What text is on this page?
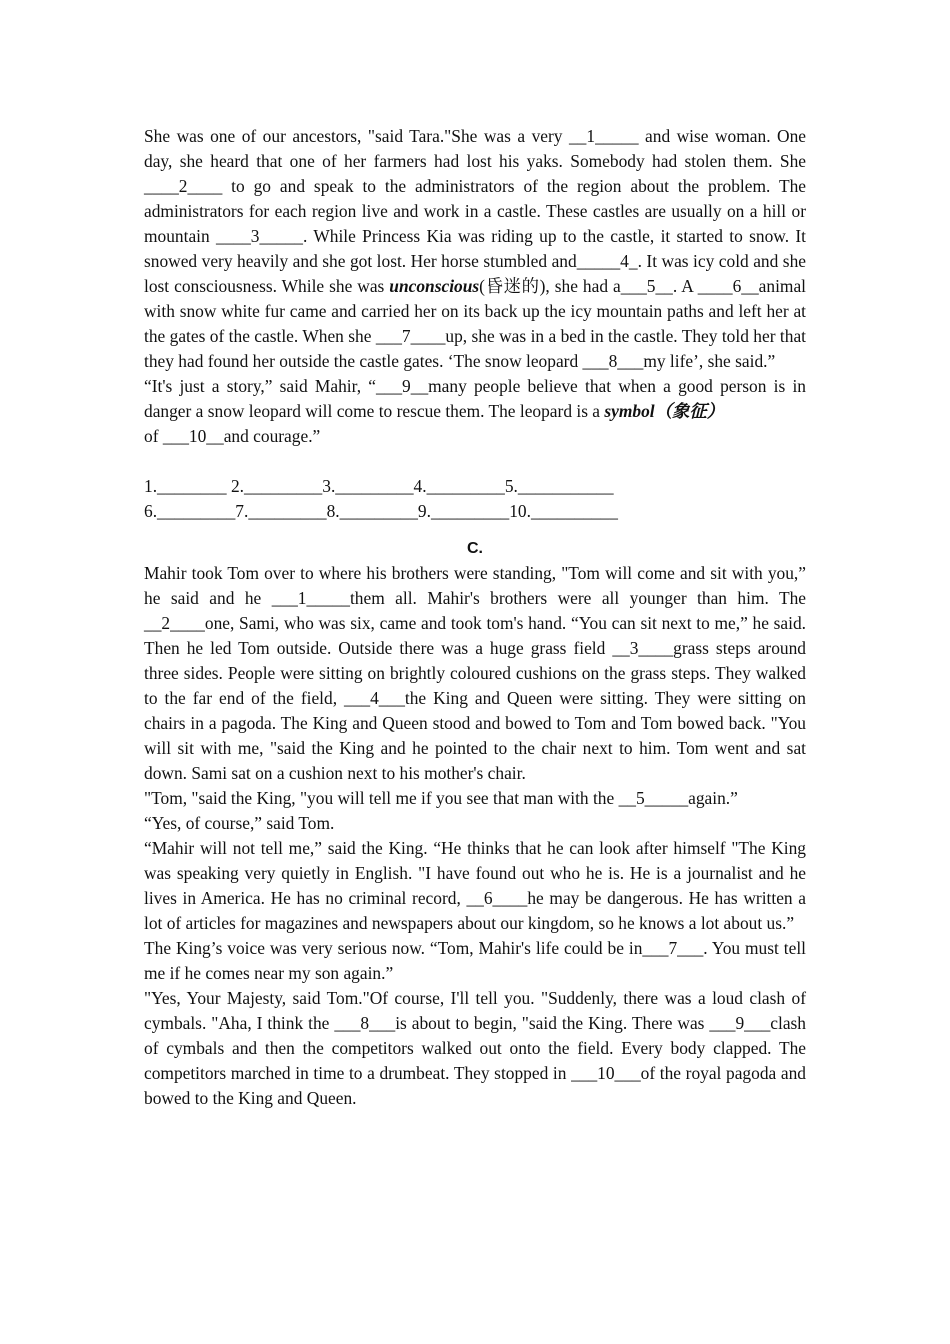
She was one of our ancestors, "said Tara."She was a very __1_____ and wise woman. One day, she heard that one of her farmers had lost his yaks. Somebody had stolen them. She ____2____ to go and speak to the administrators of the region about the problem. The administrators for each region live and work in a castle. These castles are usually on a hill or mountain ____3_____. While Princess Kia was riding up to the castle, it started to snow. It snowed very heavily and she got lost. Her horse stumbled and_____4_. It was icy cold and she lost consciousness. While she was unconscious(昏迷的), she had a___5__. A ____6__animal with snow white fur came and carried her on its back up the icy mountain paths and left her at the gates of the castle. When she ___7____up, she was in a bed in the castle. They told her that they had found her outside the castle gates. ‘The snow leopard ___8___my life’, she said.”

“It's just a story,” said Mahir, “___9__many people believe that when a good person is in danger a snow leopard will come to rescue them. The leopard is a symbol（象征）
of ___10__and courage.”

1.________ 2._________3._________4._________5.___________

6._________7._________8._________9._________10.__________

C.

Mahir took Tom over to where his brothers were standing, "Tom will come and sit with you,” he said and he ___1_____them all. Mahir's brothers were all younger than him. The __2____one, Sami, who was six, came and took tom's hand. “You can sit next to me,” he said. Then he led Tom outside. Outside there was a huge grass field __3____grass steps around three sides. People were sitting on brightly coloured cushions on the grass steps. They walked to the far end of the field, ___4___the King and Queen were sitting. They were sitting on chairs in a pagoda. The King and Queen stood and bowed to Tom and Tom bowed back. "You will sit with me, "said the King and he pointed to the chair next to him. Tom went and sat down. Sami sat on a cushion next to his mother's chair.

"Tom, "said the King, "you will tell me if you see that man with the __5_____again.”

“Yes, of course,” said Tom.

“Mahir will not tell me,” said the King. “He thinks that he can look after himself "The King was speaking very quietly in English. "I have found out who he is. He is a journalist and he lives in America. He has no criminal record, __6____he may be dangerous. He has written a lot of articles for magazines and newspapers about our kingdom, so he knows a lot about us.”

The King’s voice was very serious now. “Tom, Mahir's life could be in___7___. You must tell me if he comes near my son again.”

"Yes, Your Majesty, said Tom."Of course, I'll tell you. "Suddenly, there was a loud clash of cymbals. "Aha, I think the ___8___is about to begin, "said the King. There was ___9___clash of cymbals and then the competitors walked out onto the field. Every body clapped. The competitors marched in time to a drumbeat. They stopped in ___10___of the royal pagoda and bowed to the King and Queen.
